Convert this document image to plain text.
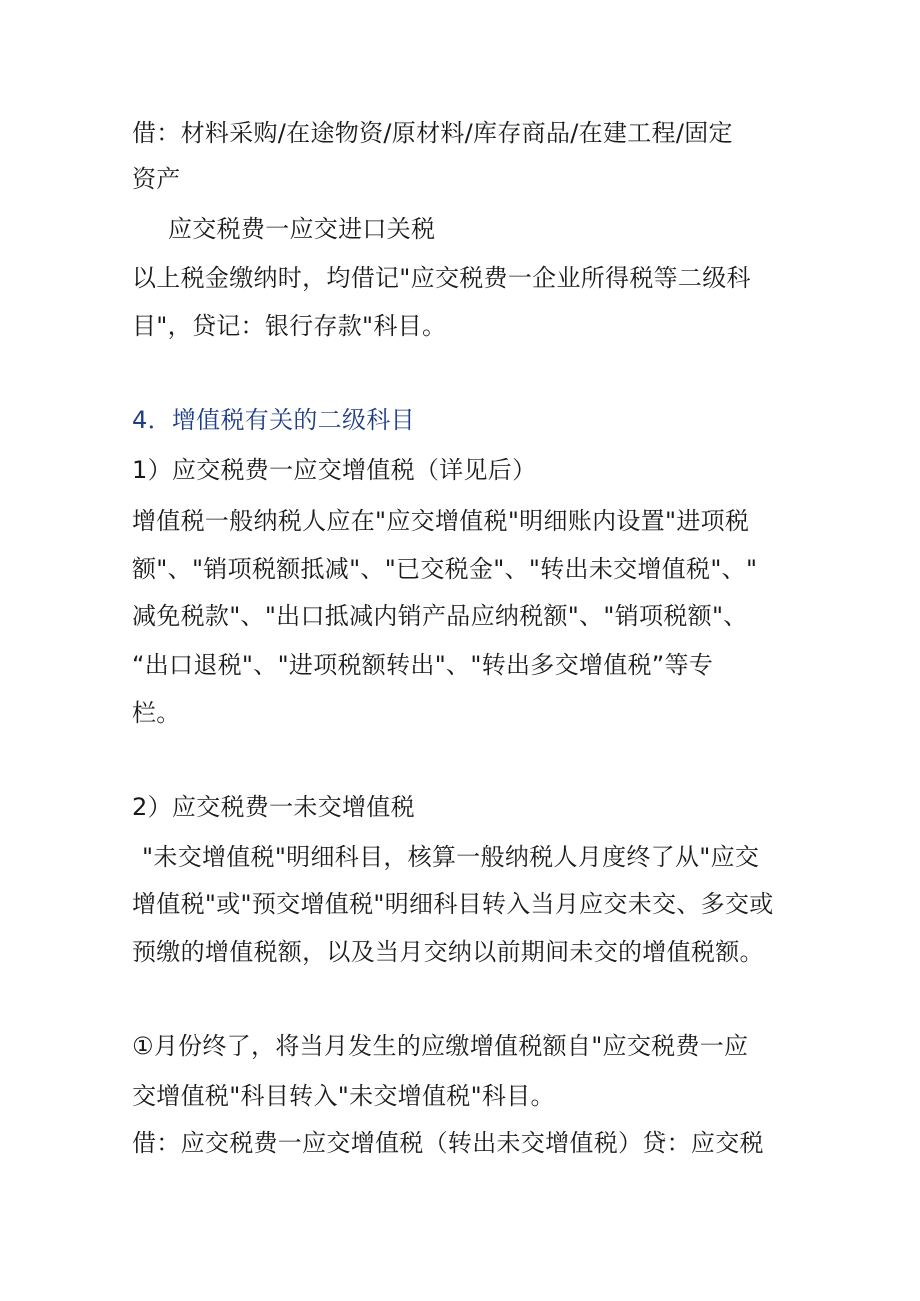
借：材料采购/在途物资/原材料/库存商品/在建工程/固定
资产
应交税费一应交进口关税
以上税金缴纳时，均借记"应交税费一企业所得税等二级科
目"，贷记：银行存款"科目。
4．增值税有关的二级科目
1）应交税费一应交增值税（详见后）
增值税一般纳税人应在"应交增值税"明细账内设置"进项税
额"、"销项税额抵减"、"已交税金"、"转出未交增值税"、"
减免税款"、"出口抵减内销产品应纳税额"、"销项税额"、
“出口退税"、"进项税额转出"、"转出多交增值税”等专
栏。
2）应交税费一未交增值税
"未交增值税"明细科目，核算一般纳税人月度终了从"应交
增值税"或"预交增值税"明细科目转入当月应交未交、多交或
预缴的增值税额，以及当月交纳以前期间未交的增值税额。
①月份终了，将当月发生的应缴增值税额自"应交税费一应
交增值税"科目转入"未交增值税"科目。
借：应交税费一应交增值税（转出未交增值税）贷：应交税
